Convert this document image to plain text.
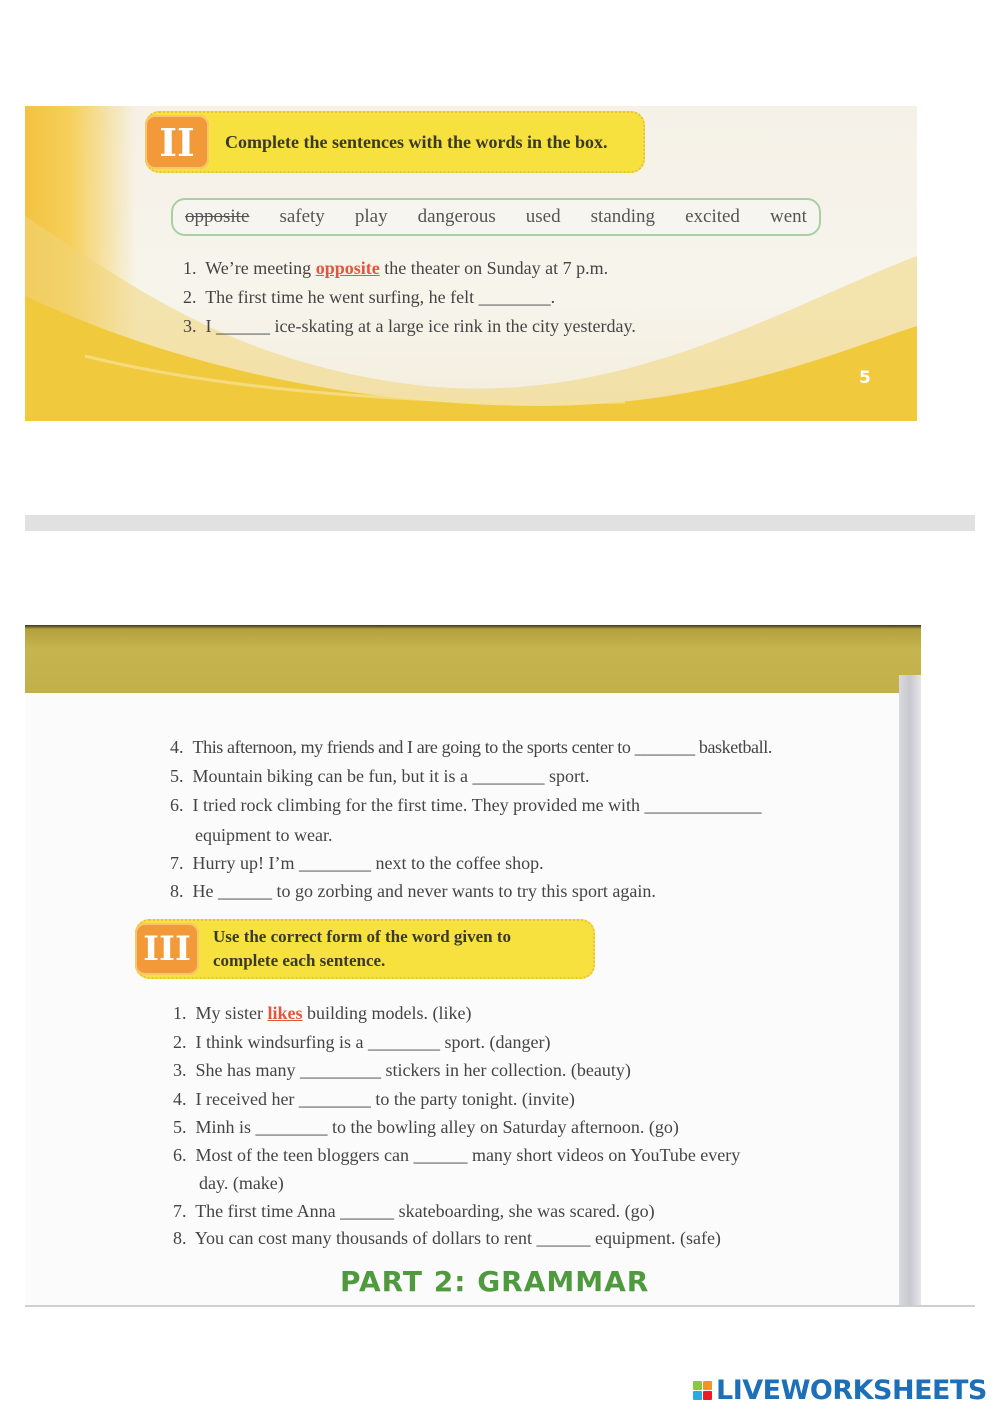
II	Complete the sentences with the words in the box.
opposite safety play dangerous used standing excited went
1. We’re meeting opposite the theater on Sunday at 7 p.m.
2. The first time he went surfing, he felt ________.
3. I ______ ice-skating at a large ice rink in the city yesterday.
5
4. This afternoon, my friends and I are going to the sports center to _______ basketball.
5. Mountain biking can be fun, but it is a ________ sport.
6. I tried rock climbing for the first time. They provided me with _____________
equipment to wear.
7. Hurry up! I’m ________ next to the coffee shop.
8. He ______ to go zorbing and never wants to try this sport again.
III	Use the correct form of the word given to
complete each sentence.
1. My sister likes building models. (like)
2. I think windsurfing is a ________ sport. (danger)
3. She has many _________ stickers in her collection. (beauty)
4. I received her ________ to the party tonight. (invite)
5. Minh is ________ to the bowling alley on Saturday afternoon. (go)
6. Most of the teen bloggers can ______ many short videos on YouTube every
day. (make)
7. The first time Anna ______ skateboarding, she was scared. (go)
8. You can cost many thousands of dollars to rent ______ equipment. (safe)
PART 2: GRAMMAR
LIVEWORKSHEETS
